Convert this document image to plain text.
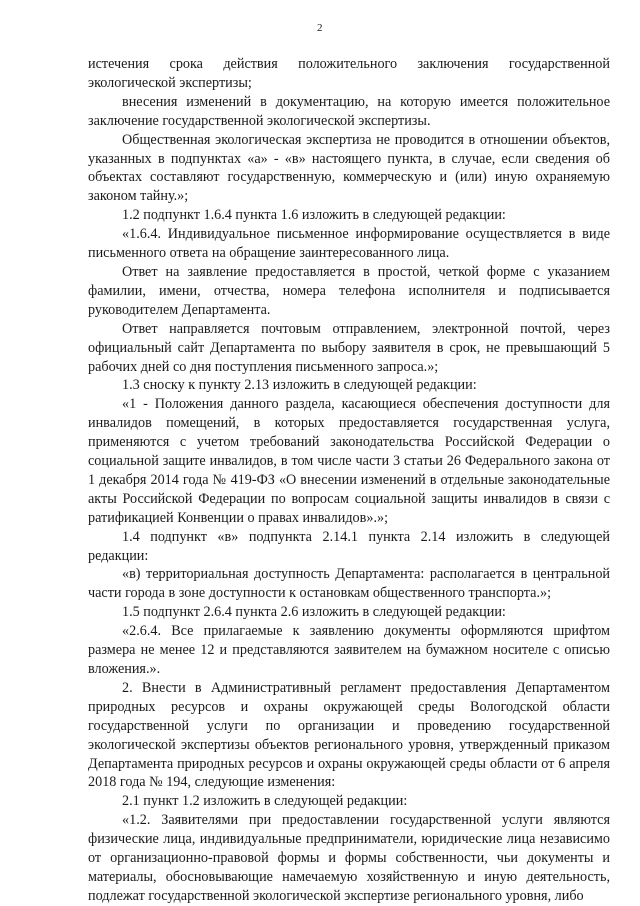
2

истечения срока действия положительного заключения государственной экологической экспертизы;

внесения изменений в документацию, на которую имеется положительное заключение государственной экологической экспертизы.

Общественная экологическая экспертиза не проводится в отношении объектов, указанных в подпунктах «а» - «в» настоящего пункта, в случае, если сведения об объектах составляют государственную, коммерческую и (или) иную охраняемую законом тайну.»;

1.2 подпункт 1.6.4 пункта 1.6 изложить в следующей редакции:

«1.6.4. Индивидуальное письменное информирование осуществляется в виде письменного ответа на обращение заинтересованного лица.

Ответ на заявление предоставляется в простой, четкой форме с указанием фамилии, имени, отчества, номера телефона исполнителя и подписывается руководителем Департамента.

Ответ направляется почтовым отправлением, электронной почтой, через официальный сайт Департамента по выбору заявителя в срок, не превышающий 5 рабочих дней со дня поступления письменного запроса.»;

1.3 сноску к пункту 2.13 изложить в следующей редакции:

«1 - Положения данного раздела, касающиеся обеспечения доступности для инвалидов помещений, в которых предоставляется государственная услуга, применяются с учетом требований законодательства Российской Федерации о социальной защите инвалидов, в том числе части 3 статьи 26 Федерального закона от 1 декабря 2014 года № 419-ФЗ «О внесении изменений в отдельные законодательные акты Российской Федерации по вопросам социальной защиты инвалидов в связи с ратификацией Конвенции о правах инвалидов».»;

1.4 подпункт «в» подпункта 2.14.1 пункта 2.14 изложить в следующей редакции:

«в) территориальная доступность Департамента: располагается в центральной части города в зоне доступности к остановкам общественного транспорта.»;

1.5 подпункт 2.6.4 пункта 2.6 изложить в следующей редакции:

«2.6.4. Все прилагаемые к заявлению документы оформляются шрифтом размера не менее 12 и представляются заявителем на бумажном носителе с описью вложения.».

2. Внести в Административный регламент предоставления Департаментом природных ресурсов и охраны окружающей среды Вологодской области государственной услуги по организации и проведению государственной экологической экспертизы объектов регионального уровня, утвержденный приказом Департамента природных ресурсов и охраны окружающей среды области от 6 апреля 2018 года № 194, следующие изменения:

2.1 пункт 1.2 изложить в следующей редакции:

«1.2. Заявителями при предоставлении государственной услуги являются физические лица, индивидуальные предприниматели, юридические лица независимо от организационно-правовой формы и формы собственности, чьи документы и материалы, обосновывающие намечаемую хозяйственную и иную деятельность, подлежат государственной экологической экспертизе регионального уровня, либо
